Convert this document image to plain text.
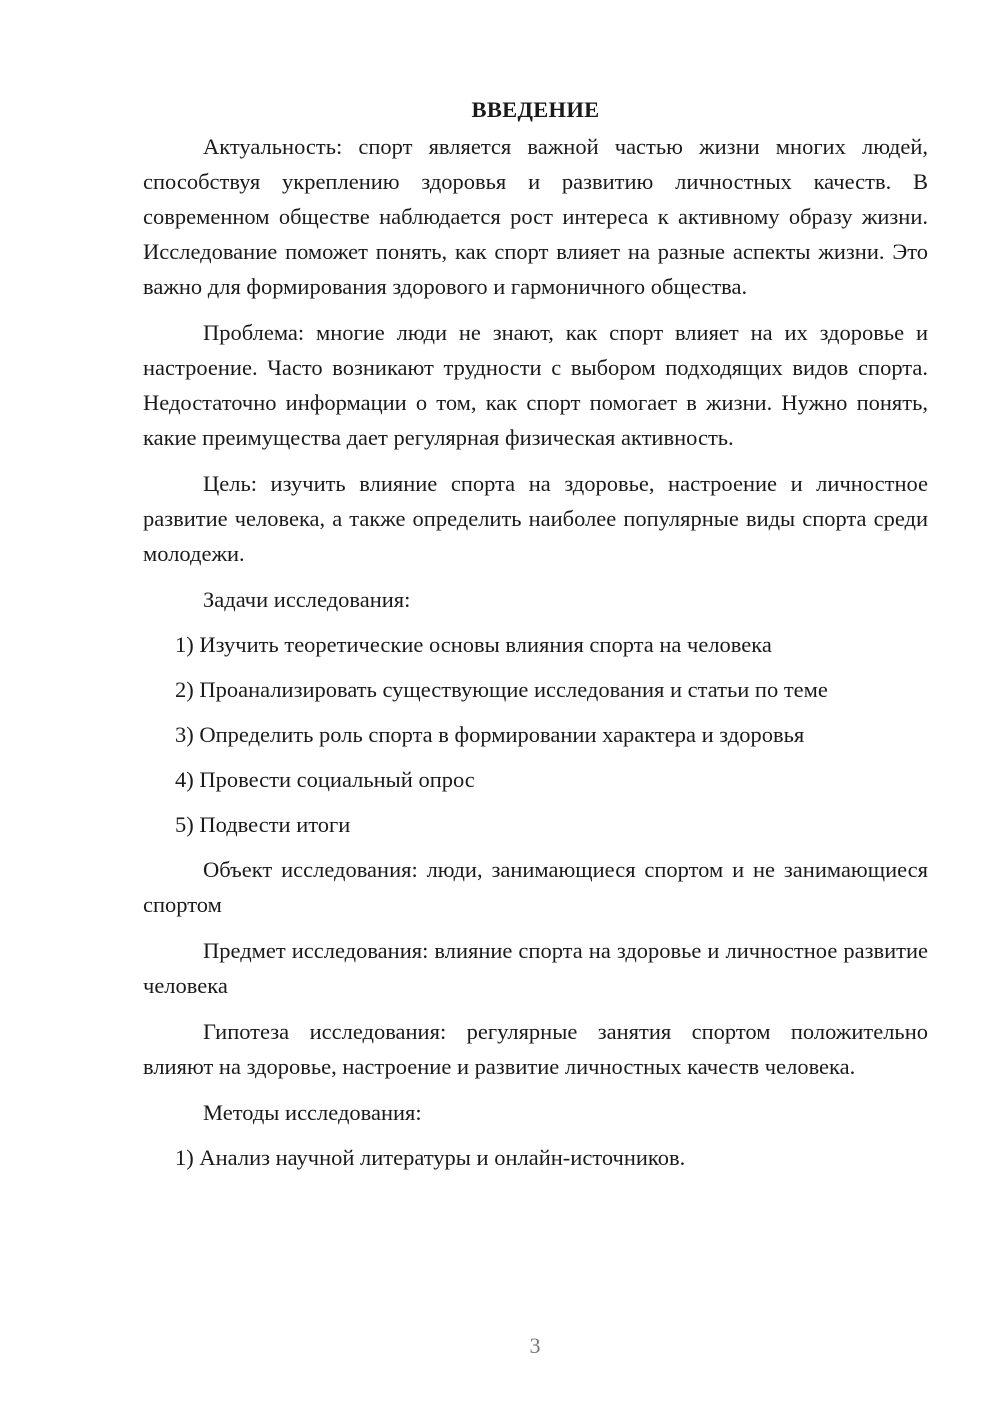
ВВЕДЕНИЕ

Актуальность: спорт является важной частью жизни многих людей, способствуя укреплению здоровья и развитию личностных качеств. В современном обществе наблюдается рост интереса к активному образу жизни. Исследование поможет понять, как спорт влияет на разные аспекты жизни. Это важно для формирования здорового и гармоничного общества.

Проблема: многие люди не знают, как спорт влияет на их здоровье и настроение. Часто возникают трудности с выбором подходящих видов спорта. Недостаточно информации о том, как спорт помогает в жизни. Нужно понять, какие преимущества дает регулярная физическая активность.

Цель: изучить влияние спорта на здоровье, настроение и личностное развитие человека, а также определить наиболее популярные виды спорта среди молодежи.

Задачи исследования:
1) Изучить теоретические основы влияния спорта на человека
2) Проанализировать существующие исследования и статьи по теме
3) Определить роль спорта в формировании характера и здоровья
4) Провести социальный опрос
5) Подвести итоги

Объект исследования: люди, занимающиеся спортом и не занимающиеся спортом

Предмет исследования: влияние спорта на здоровье и личностное развитие человека

Гипотеза исследования: регулярные занятия спортом положительно влияют на здоровье, настроение и развитие личностных качеств человека.

Методы исследования:
1) Анализ научной литературы и онлайн-источников.
3
